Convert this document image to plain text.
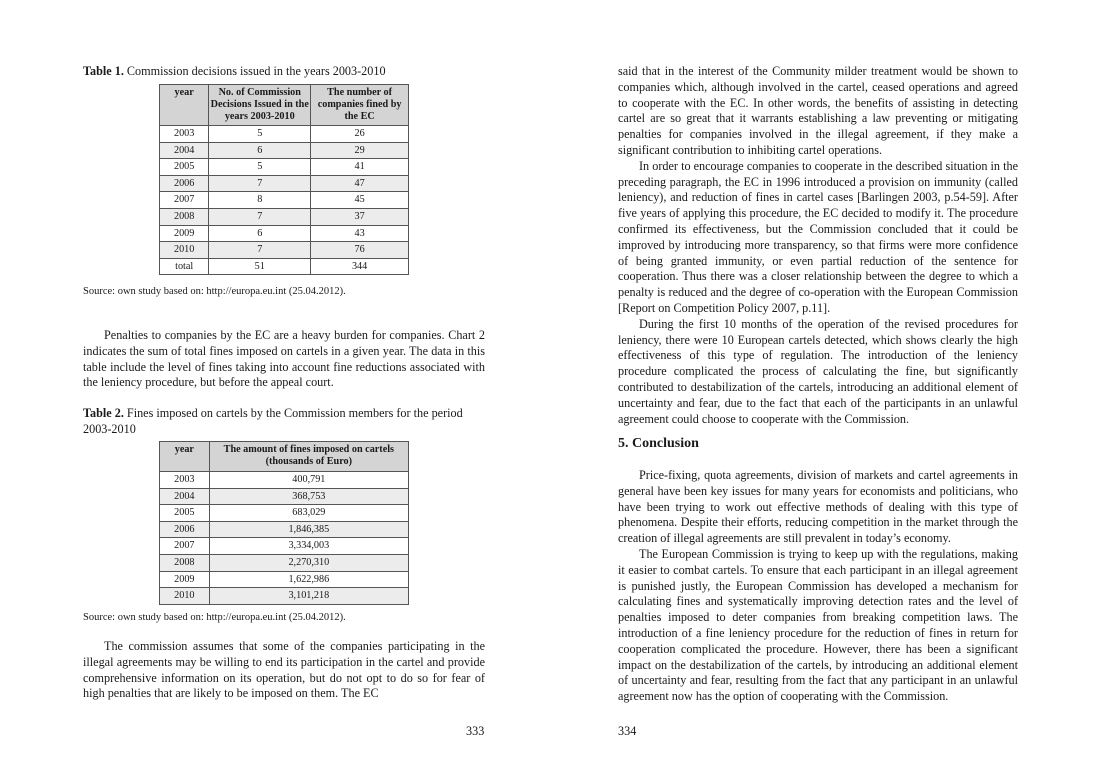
Table 1. Commission decisions issued in the years 2003-2010

year	No. of Commission Decisions Issued in the years 2003-2010	The number of companies fined by the EC
2003	5	26
2004	6	29
2005	5	41
2006	7	47
2007	8	45
2008	7	37
2009	6	43
2010	7	76
total	51	344

Source: own study based on: http://europa.eu.int (25.04.2012).

Penalties to companies by the EC are a heavy burden for companies. Chart 2 indicates the sum of total fines imposed on cartels in a given year. The data in this table include the level of fines taking into account fine reductions associated with the leniency procedure, but before the appeal court.

Table 2. Fines imposed on cartels by the Commission members for the period 2003-2010

year	The amount of fines imposed on cartels (thousands of Euro)
2003	400,791
2004	368,753
2005	683,029
2006	1,846,385
2007	3,334,003
2008	2,270,310
2009	1,622,986
2010	3,101,218

Source: own study based on: http://europa.eu.int (25.04.2012).

The commission assumes that some of the companies participating in the illegal agreements may be willing to end its participation in the cartel and provide comprehensive information on its operation, but do not opt to do so for fear of high penalties that are likely to be imposed on them. The EC

333

said that in the interest of the Community milder treatment would be shown to companies which, although involved in the cartel, ceased operations and agreed to cooperate with the EC. In other words, the benefits of assisting in detecting cartel are so great that it warrants establishing a law preventing or mitigating penalties for companies involved in the illegal agreement, if they make a significant contribution to inhibiting cartel operations.

In order to encourage companies to cooperate in the described situation in the preceding paragraph, the EC in 1996 introduced a provision on immunity (called leniency), and reduction of fines in cartel cases [Barlingen 2003, p.54-59]. After five years of applying this procedure, the EC decided to modify it. The procedure confirmed its effectiveness, but the Commission concluded that it could be improved by introducing more transparency, so that firms were more confidence of being granted immunity, or even partial reduction of the sentence for cooperation. Thus there was a closer relationship between the degree to which a penalty is reduced and the degree of co-operation with the European Commission [Report on Competition Policy 2007, p.11].

During the first 10 months of the operation of the revised procedures for leniency, there were 10 European cartels detected, which shows clearly the high effectiveness of this type of regulation. The introduction of the leniency procedure complicated the process of calculating the fine, but significantly contributed to destabilization of the cartels, introducing an additional element of uncertainty and fear, due to the fact that each of the participants in an unlawful agreement could choose to cooperate with the Commission.

Price-fixing, quota agreements, division of markets and cartel agreements in general have been key issues for many years for economists and politicians, who have been trying to work out effective methods of dealing with this type of phenomena. Despite their efforts, reducing competition in the market through the creation of illegal agreements are still prevalent in today’s economy.

The European Commission is trying to keep up with the regulations, making it easier to combat cartels. To ensure that each participant in an illegal agreement is punished justly, the European Commission has developed a mechanism for calculating fines and systematically improving detection rates and the level of penalties imposed to deter companies from breaking competition laws. The introduction of a fine leniency procedure for the reduction of fines in return for cooperation complicated the procedure. However, there has been a significant impact on the destabilization of the cartels, by introducing an additional element of uncertainty and fear, resulting from the fact that any participant in an unlawful agreement now has the option of cooperating with the Commission.

334
5. Conclusion
